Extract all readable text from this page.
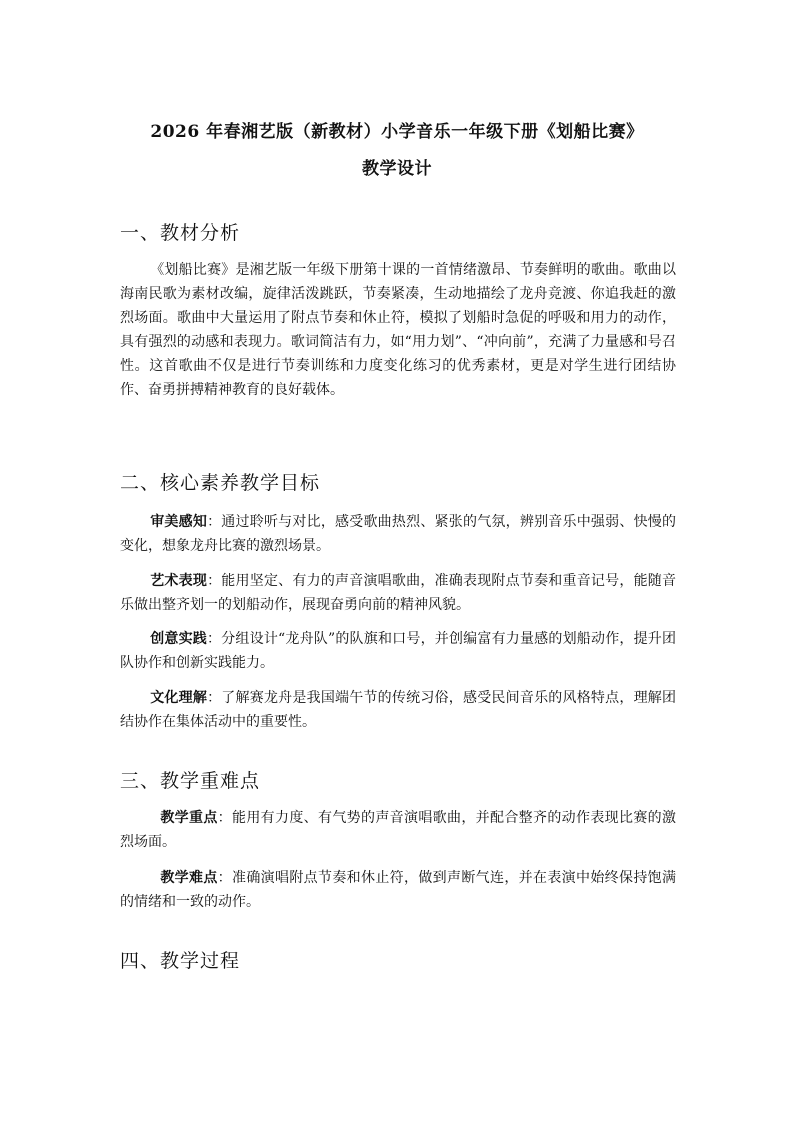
2026 年春湘艺版（新教材）小学音乐一年级下册《划船比赛》
教学设计
一、教材分析

《划船比赛》是湘艺版一年级下册第十课的一首情绪激昂、节奏鲜明的歌曲。歌曲以海南民歌为素材改编，旋律活泼跳跃，节奏紧凑，生动地描绘了龙舟竞渡、你追我赶的激烈场面。歌曲中大量运用了附点节奏和休止符，模拟了划船时急促的呼吸和用力的动作，具有强烈的动感和表现力。歌词简洁有力，如“用力划”、“冲向前”，充满了力量感和号召性。这首歌曲不仅是进行节奏训练和力度变化练习的优秀素材，更是对学生进行团结协作、奋勇拼搏精神教育的良好载体。

二、核心素养教学目标

审美感知：通过聆听与对比，感受歌曲热烈、紧张的气氛，辨别音乐中强弱、快慢的变化，想象龙舟比赛的激烈场景。

艺术表现：能用坚定、有力的声音演唱歌曲，准确表现附点节奏和重音记号，能随音乐做出整齐划一的划船动作，展现奋勇向前的精神风貌。

创意实践：分组设计“龙舟队”的队旗和口号，并创编富有力量感的划船动作，提升团队协作和创新实践能力。

文化理解：了解赛龙舟是我国端午节的传统习俗，感受民间音乐的风格特点，理解团结协作在集体活动中的重要性。

三、教学重难点

教学重点：能用有力度、有气势的声音演唱歌曲，并配合整齐的动作表现比赛的激烈场面。

教学难点：准确演唱附点节奏和休止符，做到声断气连，并在表演中始终保持饱满的情绪和一致的动作。

四、教学过程
